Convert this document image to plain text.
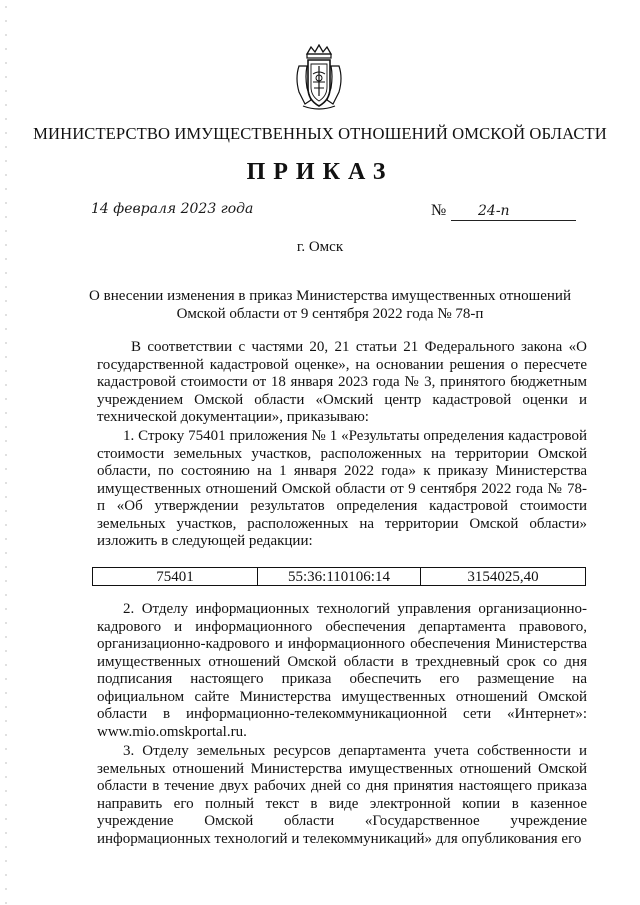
МИНИСТЕРСТВО ИМУЩЕСТВЕННЫХ ОТНОШЕНИЙ ОМСКОЙ ОБЛАСТИ
ПРИКАЗ
14 февраля 2023 года	№ 24-п
г. Омск
О внесении изменения в приказ Министерства имущественных отношений Омской области от 9 сентября 2022 года № 78-п

В соответствии с частями 20, 21 статьи 21 Федерального закона «О государственной кадастровой оценке», на основании решения о пересчете кадастровой стоимости от 18 января 2023 года № 3, принятого бюджетным учреждением Омской области «Омский центр кадастровой оценки и технической документации», приказываю:

1. Строку 75401 приложения № 1 «Результаты определения кадастровой стоимости земельных участков, расположенных на территории Омской области, по состоянию на 1 января 2022 года» к приказу Министерства имущественных отношений Омской области от 9 сентября 2022 года № 78-п «Об утверждении результатов определения кадастровой стоимости земельных участков, расположенных на территории Омской области» изложить в следующей редакции:

75401	55:36:110106:14	3154025,40

2. Отделу информационных технологий управления организационно-кадрового и информационного обеспечения департамента правового, организационно-кадрового и информационного обеспечения Министерства имущественных отношений Омской области в трехдневный срок со дня подписания настоящего приказа обеспечить его размещение на официальном сайте Министерства имущественных отношений Омской области в информационно-телекоммуникационной сети «Интернет»: www.mio.omskportal.ru.

3. Отделу земельных ресурсов департамента учета собственности и земельных отношений Министерства имущественных отношений Омской области в течение двух рабочих дней со дня принятия настоящего приказа направить его полный текст в виде электронной копии в казенное учреждение Омской области «Государственное учреждение информационных технологий и телекоммуникаций» для опубликования его
